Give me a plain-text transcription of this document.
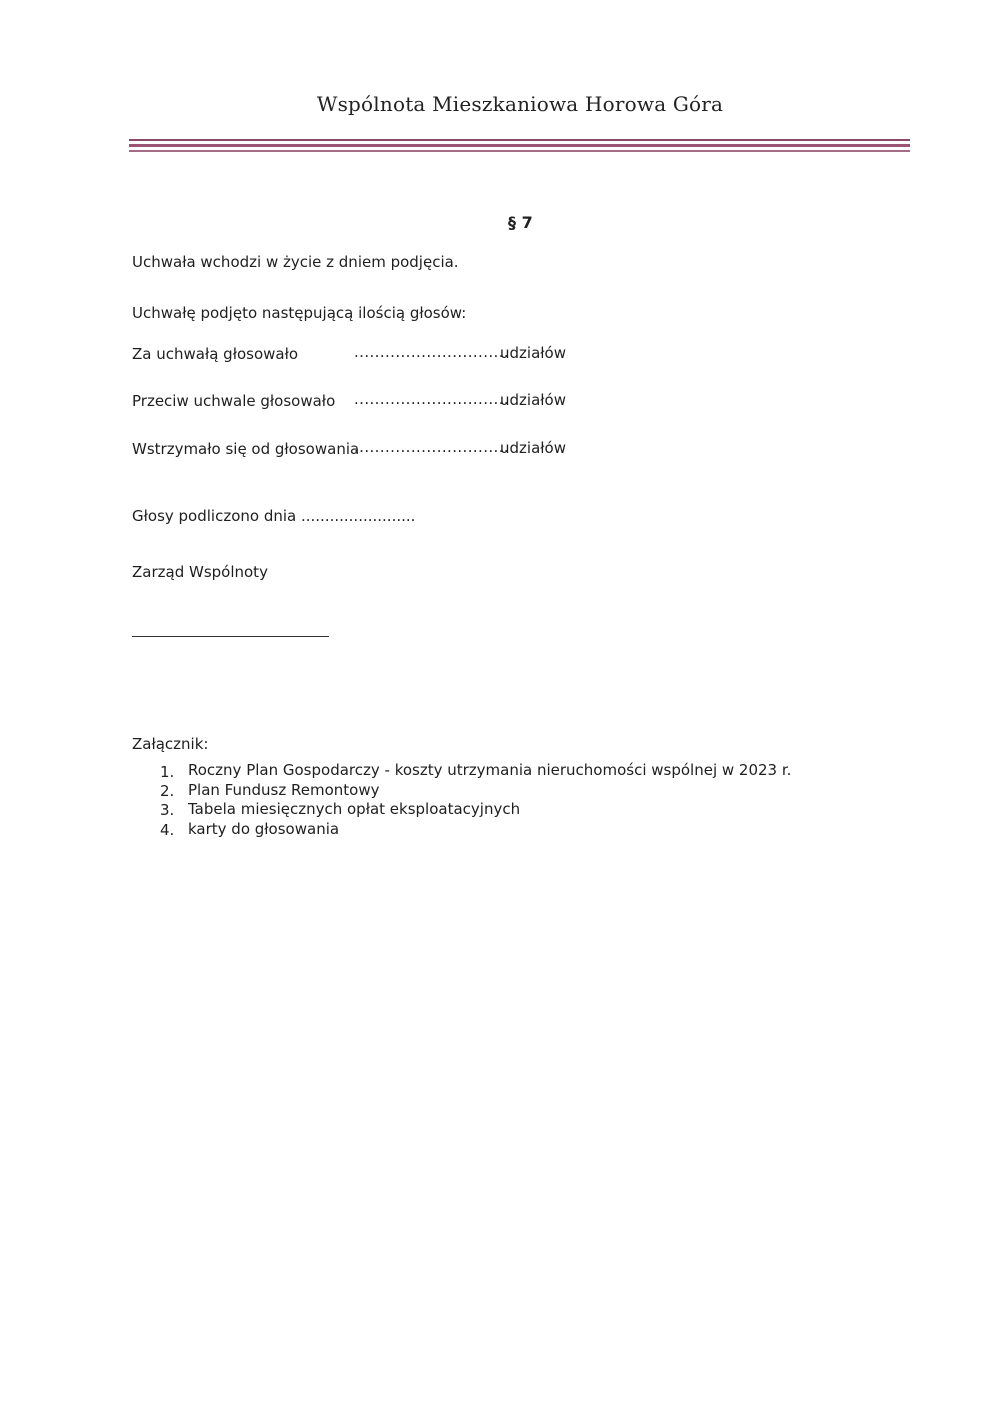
Wspólnota Mieszkaniowa Horowa Góra
§ 7
Uchwała wchodzi w życie z dniem podjęcia.
Uchwałę podjęto następującą ilością głosów:
Za uchwałą głosowało	..............................
udziałów
Przeciw uchwale głosowało ..............................
udziałów
Wstrzymało się od głosowania
..............................
udziałów
Głosy podliczono dnia ........................
Zarząd Wspólnoty
Załącznik:
1. Roczny Plan Gospodarczy - koszty utrzymania nieruchomości wspólnej w 2023 r.
2. Plan Fundusz Remontowy
3. Tabela miesięcznych opłat eksploatacyjnych
4. karty do głosowania
